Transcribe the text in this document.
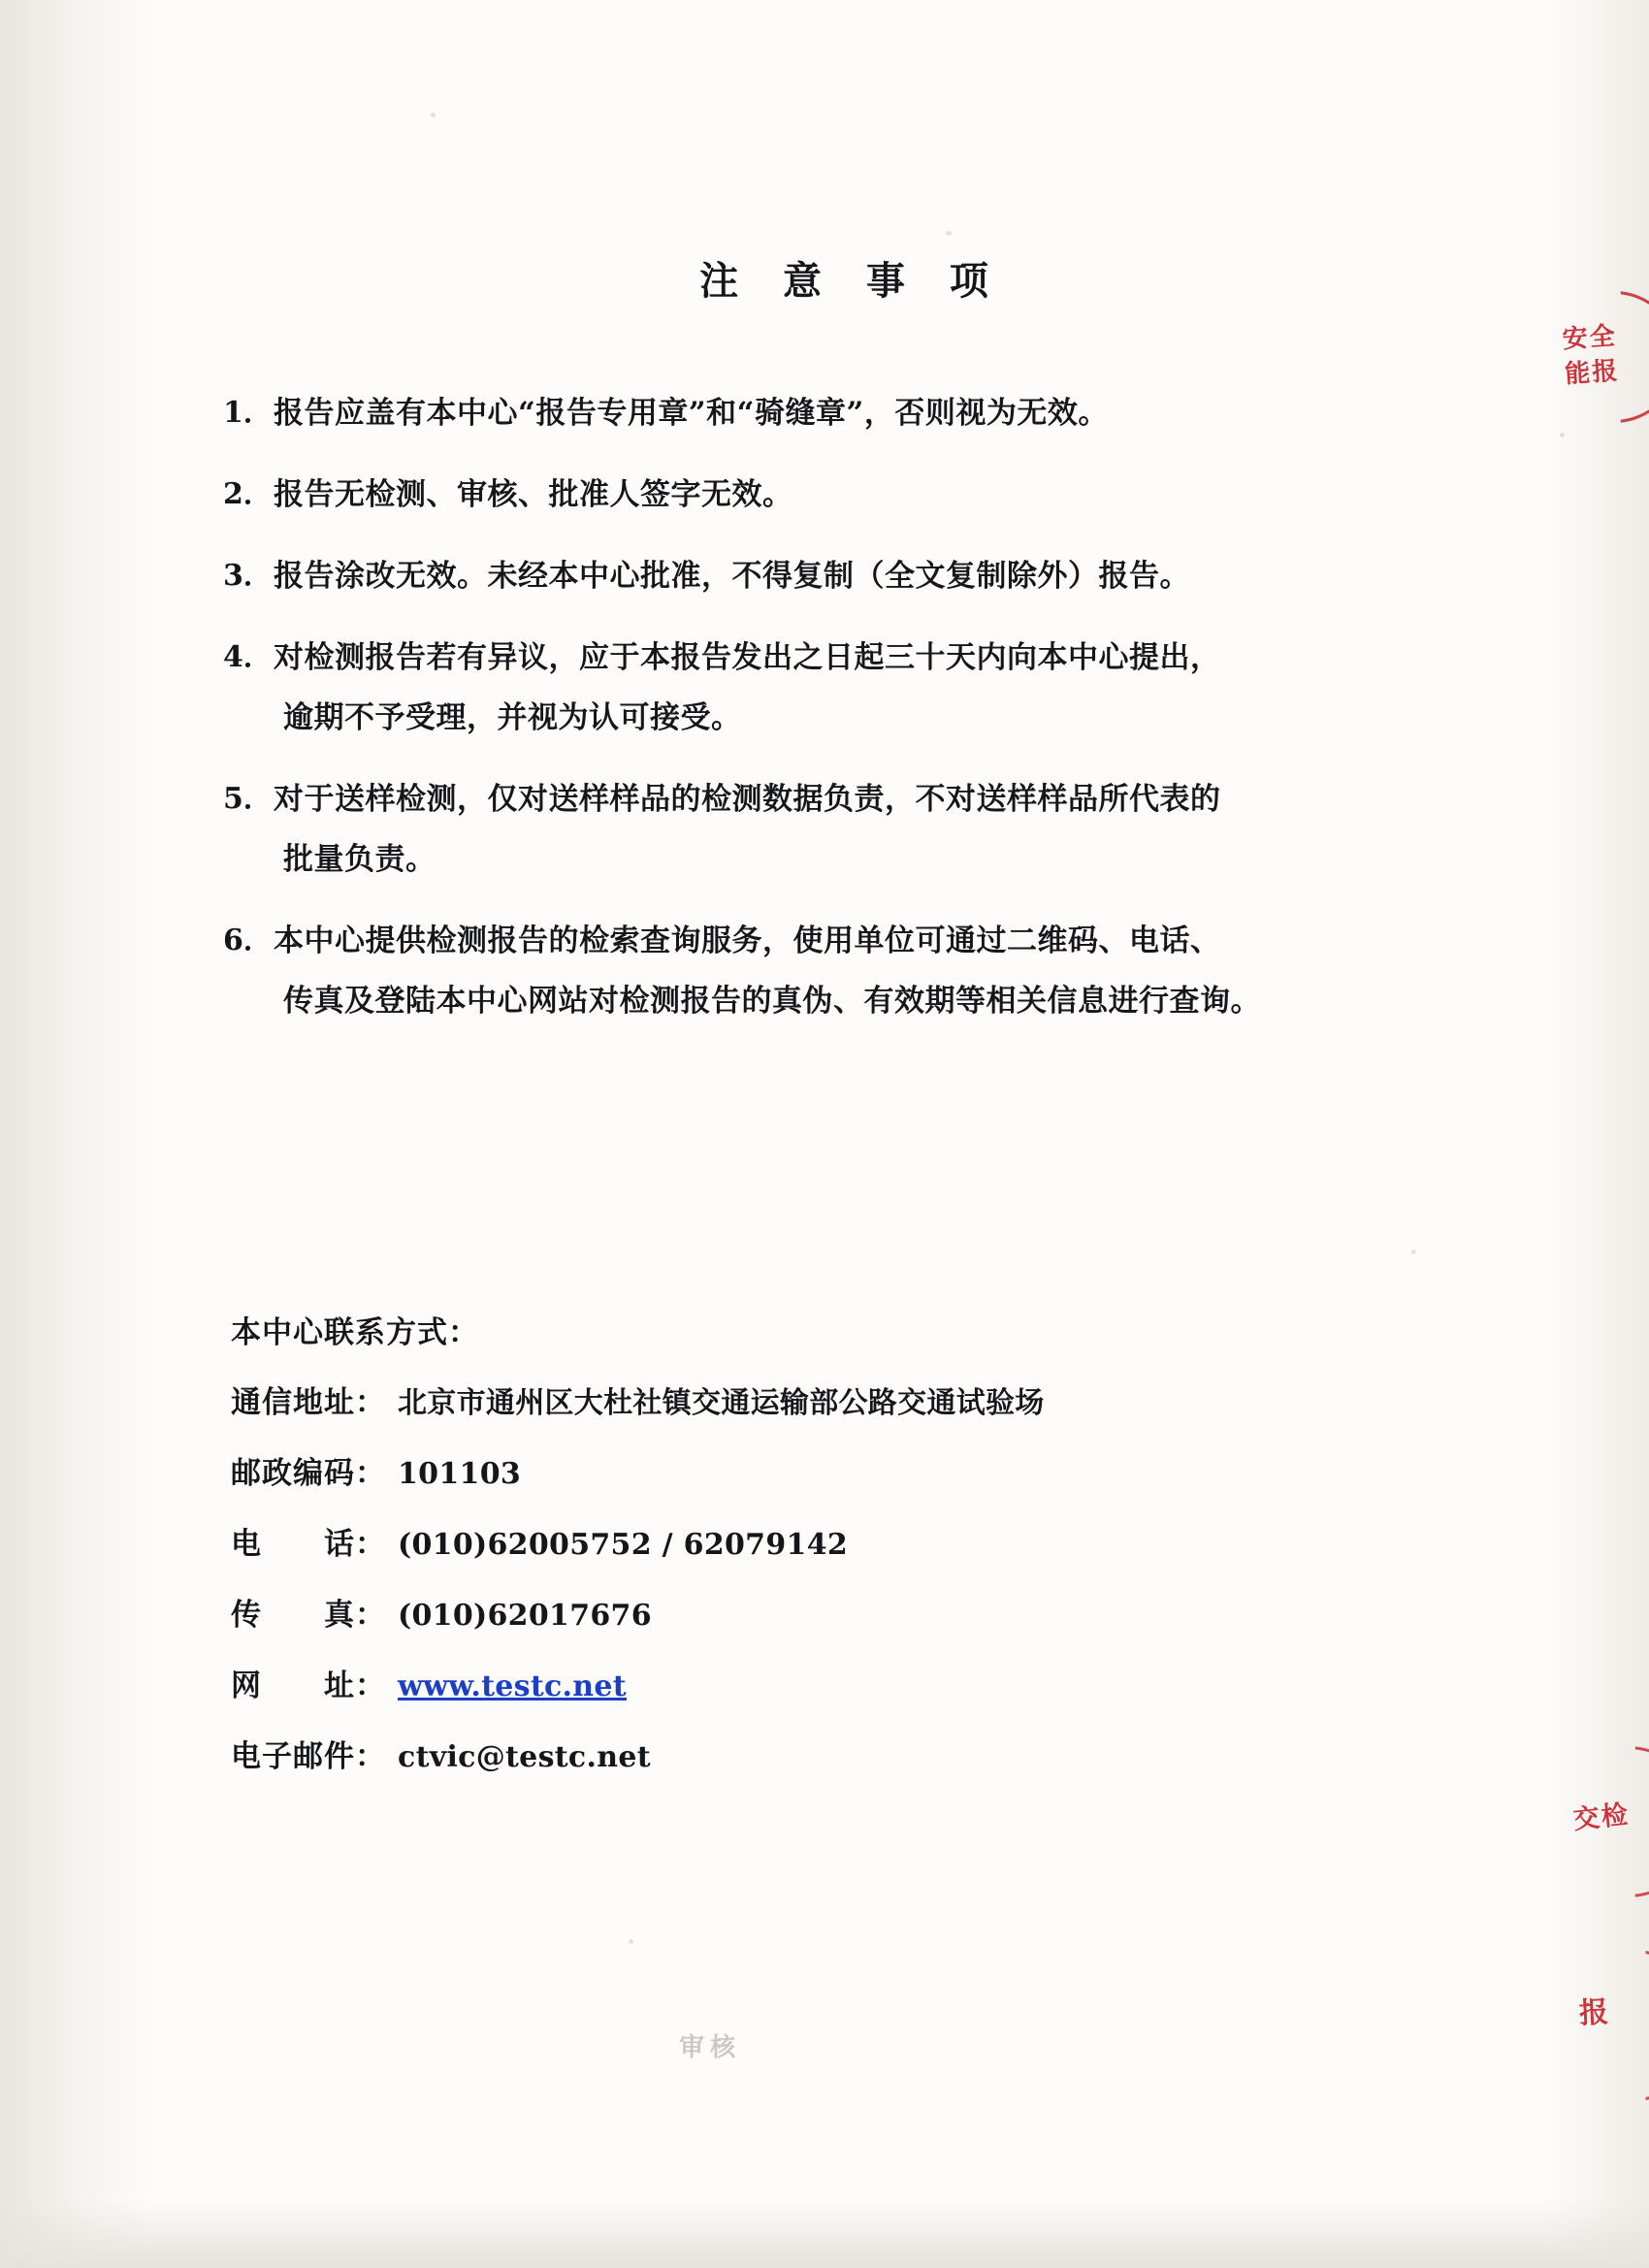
注 意 事 项
1． 报告应盖有本中心“报告专用章”和“骑缝章”，否则视为无效。
2． 报告无检测、审核、批准人签字无效。
3． 报告涂改无效。未经本中心批准，不得复制（全文复制除外）报告。
4． 对检测报告若有异议，应于本报告发出之日起三十天内向本中心提出，
逾期不予受理，并视为认可接受。
5． 对于送样检测，仅对送样样品的检测数据负责，不对送样样品所代表的
批量负责。
6． 本中心提供检测报告的检索查询服务，使用单位可通过二维码、电话、
传真及登陆本中心网站对检测报告的真伪、有效期等相关信息进行查询。
本中心联系方式：
通信地址 ： 北京市通州区大杜社镇交通运输部公路交通试验场
邮政编码 ： 101103
电　　话 ： (010)62005752 / 62079142
传　　真 ： (010)62017676
网　　址 ： www.testc.net
电子邮件 ： ctvic@testc.net
安全能报
交检
报
审核
